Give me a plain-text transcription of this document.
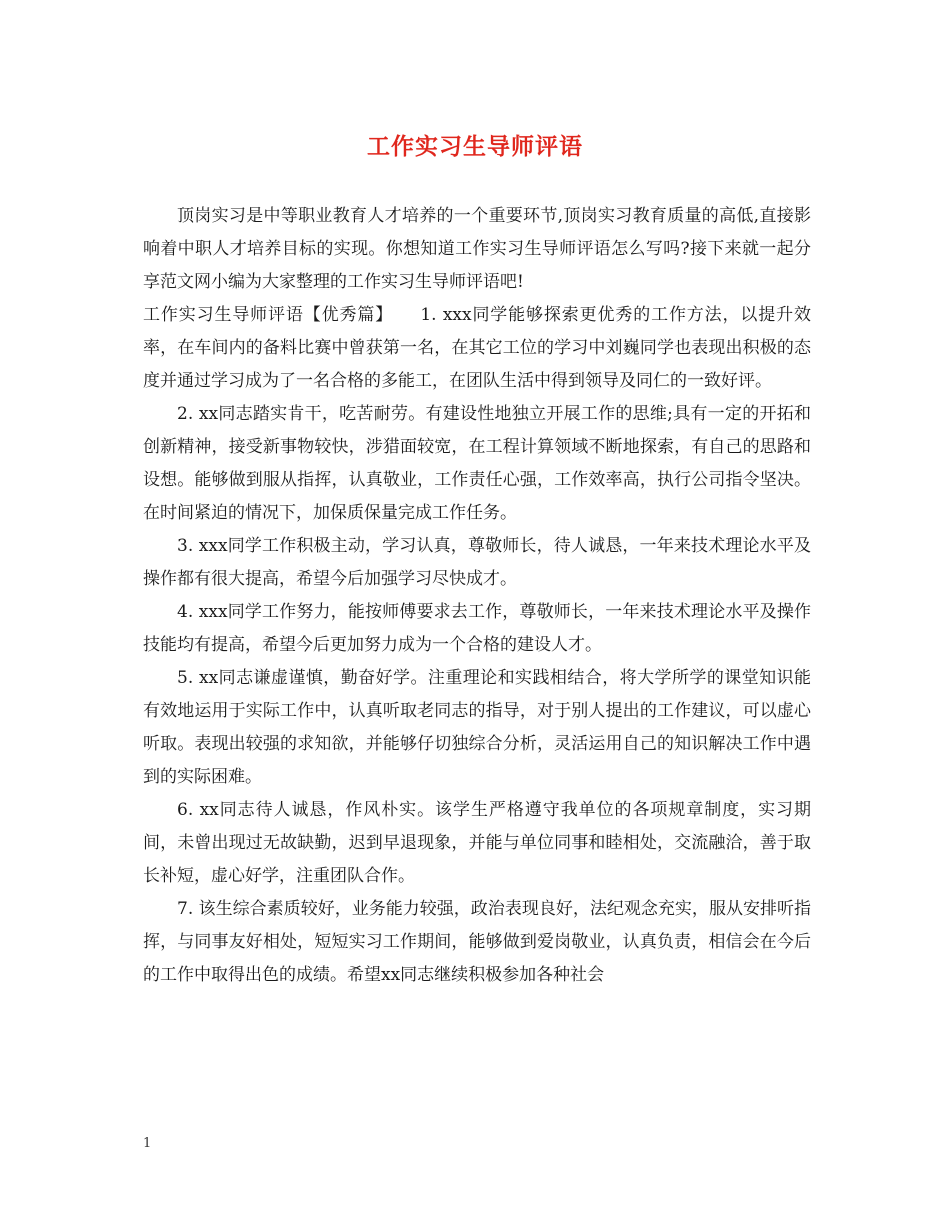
工作实习生导师评语

顶岗实习是中等职业教育人才培养的一个重要环节,顶岗实习教育质量的高低,直接影响着中职人才培养目标的实现。你想知道工作实习生导师评语怎么写吗?接下来就一起分享范文网小编为大家整理的工作实习生导师评语吧!

工作实习生导师评语【优秀篇】　　1. xxx同学能够探索更优秀的工作方法，以提升效率，在车间内的备料比赛中曾获第一名，在其它工位的学习中刘巍同学也表现出积极的态度并通过学习成为了一名合格的多能工，在团队生活中得到领导及同仁的一致好评。

2. xx同志踏实肯干，吃苦耐劳。有建设性地独立开展工作的思维;具有一定的开拓和创新精神，接受新事物较快，涉猎面较宽，在工程计算领域不断地探索，有自己的思路和设想。能够做到服从指挥，认真敬业，工作责任心强，工作效率高，执行公司指令坚决。在时间紧迫的情况下，加保质保量完成工作任务。

3. xxx同学工作积极主动，学习认真，尊敬师长，待人诚恳，一年来技术理论水平及操作都有很大提高，希望今后加强学习尽快成才。

4. xxx同学工作努力，能按师傅要求去工作，尊敬师长，一年来技术理论水平及操作技能均有提高，希望今后更加努力成为一个合格的建设人才。

5. xx同志谦虚谨慎，勤奋好学。注重理论和实践相结合，将大学所学的课堂知识能有效地运用于实际工作中，认真听取老同志的指导，对于别人提出的工作建议，可以虚心听取。表现出较强的求知欲，并能够仔切独综合分析，灵活运用自己的知识解决工作中遇到的实际困难。

6. xx同志待人诚恳，作风朴实。该学生严格遵守我单位的各项规章制度，实习期间，未曾出现过无故缺勤，迟到早退现象，并能与单位同事和睦相处，交流融洽，善于取长补短，虚心好学，注重团队合作。

7. 该生综合素质较好，业务能力较强，政治表现良好，法纪观念充实，服从安排听指挥，与同事友好相处，短短实习工作期间，能够做到爱岗敬业，认真负责，相信会在今后的工作中取得出色的成绩。希望xx同志继续积极参加各种社会

1
